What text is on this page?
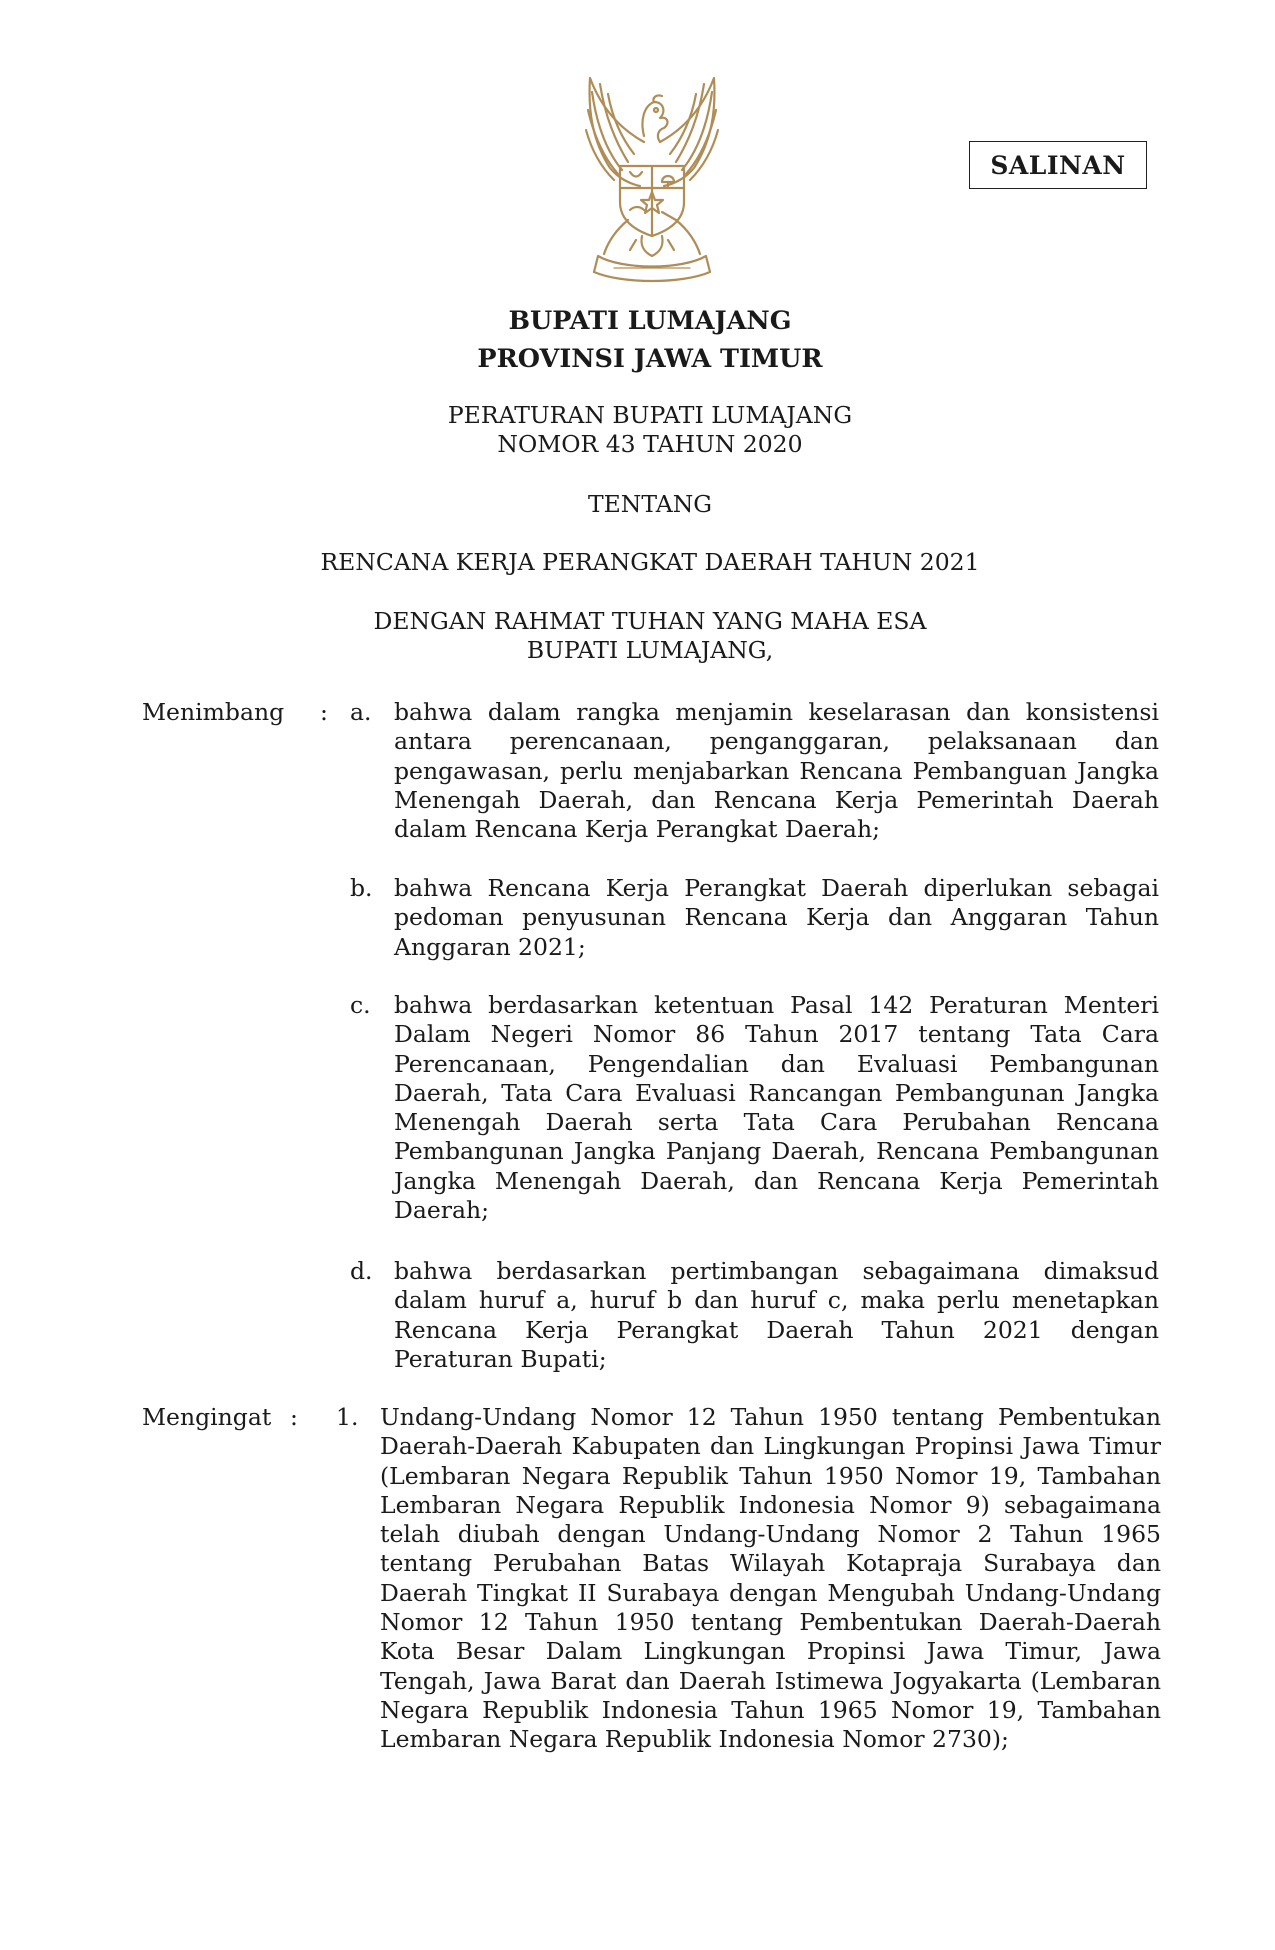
SALINAN
BUPATI LUMAJANG
PROVINSI JAWA TIMUR
PERATURAN BUPATI LUMAJANG
NOMOR 43 TAHUN 2020
TENTANG
RENCANA KERJA PERANGKAT DAERAH TAHUN 2021
DENGAN RAHMAT TUHAN YANG MAHA ESA
BUPATI LUMAJANG,
Menimbang : a. bahwa dalam rangka menjamin keselarasan dan konsistensi antara perencanaan, penganggaran, pelaksanaan dan pengawasan, perlu menjabarkan Rencana Pembanguan Jangka Menengah Daerah, dan Rencana Kerja Pemerintah Daerah dalam Rencana Kerja Perangkat Daerah;
b. bahwa Rencana Kerja Perangkat Daerah diperlukan sebagai pedoman penyusunan Rencana Kerja dan Anggaran Tahun Anggaran 2021;
c. bahwa berdasarkan ketentuan Pasal 142 Peraturan Menteri Dalam Negeri Nomor 86 Tahun 2017 tentang Tata Cara Perencanaan, Pengendalian dan Evaluasi Pembangunan Daerah, Tata Cara Evaluasi Rancangan Pembangunan Jangka Menengah Daerah serta Tata Cara Perubahan Rencana Pembangunan Jangka Panjang Daerah, Rencana Pembangunan Jangka Menengah Daerah, dan Rencana Kerja Pemerintah Daerah;
d. bahwa berdasarkan pertimbangan sebagaimana dimaksud dalam huruf a, huruf b dan huruf c, maka perlu menetapkan Rencana Kerja Perangkat Daerah Tahun 2021 dengan Peraturan Bupati;
Mengingat : 1. Undang-Undang Nomor 12 Tahun 1950 tentang Pembentukan Daerah-Daerah Kabupaten dan Lingkungan Propinsi Jawa Timur (Lembaran Negara Republik Tahun 1950 Nomor 19, Tambahan Lembaran Negara Republik Indonesia Nomor 9) sebagaimana telah diubah dengan Undang-Undang Nomor 2 Tahun 1965 tentang Perubahan Batas Wilayah Kotapraja Surabaya dan Daerah Tingkat II Surabaya dengan Mengubah Undang-Undang Nomor 12 Tahun 1950 tentang Pembentukan Daerah-Daerah Kota Besar Dalam Lingkungan Propinsi Jawa Timur, Jawa Tengah, Jawa Barat dan Daerah Istimewa Jogyakarta (Lembaran Negara Republik Indonesia Tahun 1965 Nomor 19, Tambahan Lembaran Negara Republik Indonesia Nomor 2730);
